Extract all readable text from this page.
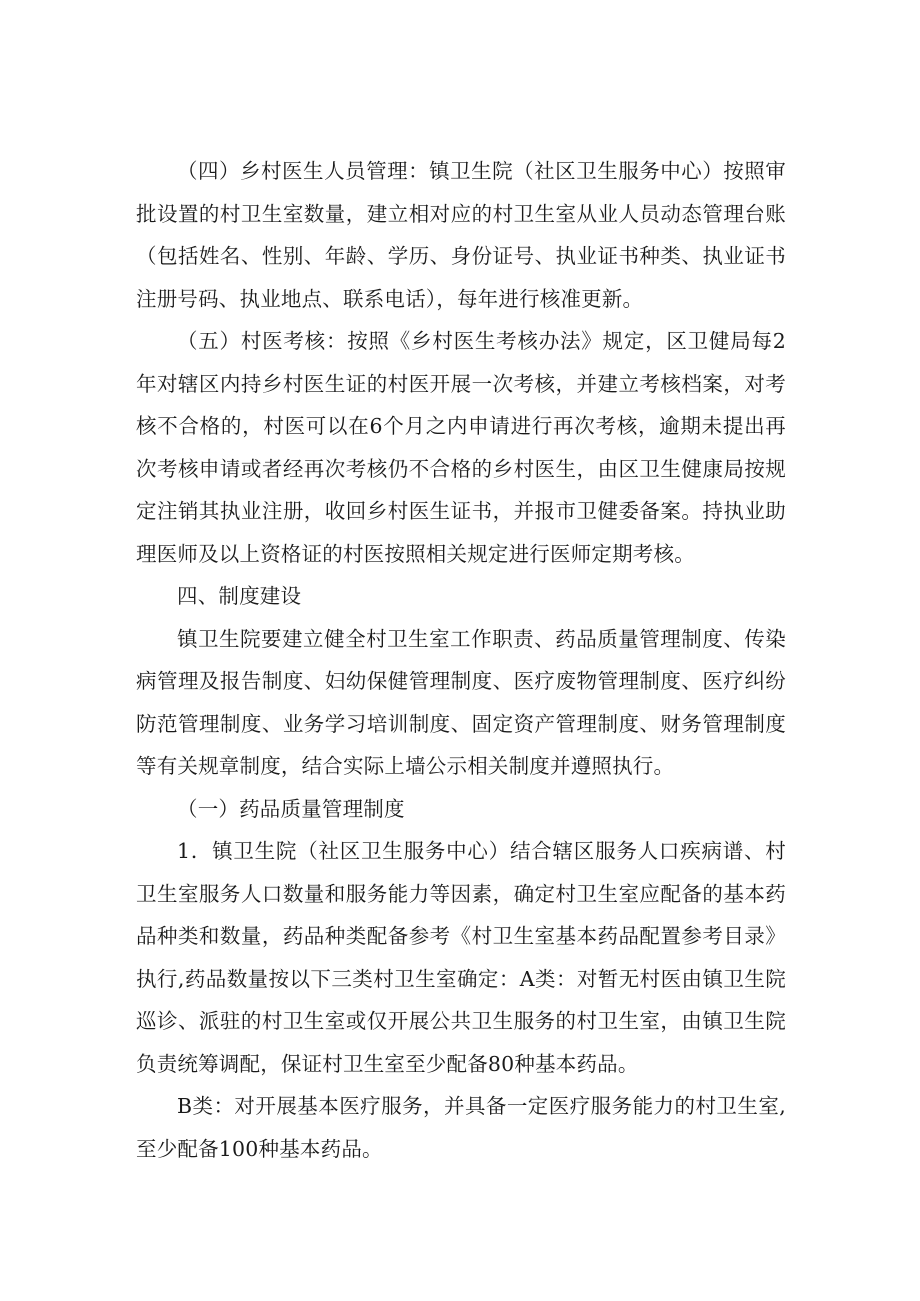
（四）乡村医生人员管理：镇卫生院（社区卫生服务中心）按照审批设置的村卫生室数量，建立相对应的村卫生室从业人员动态管理台账（包括姓名、性别、年龄、学历、身份证号、执业证书种类、执业证书注册号码、执业地点、联系电话），每年进行核准更新。

（五）村医考核：按照《乡村医生考核办法》规定，区卫健局每2年对辖区内持乡村医生证的村医开展一次考核，并建立考核档案，对考核不合格的，村医可以在6个月之内申请进行再次考核，逾期未提出再次考核申请或者经再次考核仍不合格的乡村医生，由区卫生健康局按规定注销其执业注册，收回乡村医生证书，并报市卫健委备案。持执业助理医师及以上资格证的村医按照相关规定进行医师定期考核。

四、制度建设

镇卫生院要建立健全村卫生室工作职责、药品质量管理制度、传染病管理及报告制度、妇幼保健管理制度、医疗废物管理制度、医疗纠纷防范管理制度、业务学习培训制度、固定资产管理制度、财务管理制度等有关规章制度，结合实际上墙公示相关制度并遵照执行。

（一）药品质量管理制度

1．镇卫生院（社区卫生服务中心）结合辖区服务人口疾病谱、村卫生室服务人口数量和服务能力等因素，确定村卫生室应配备的基本药品种类和数量，药品种类配备参考《村卫生室基本药品配置参考目录》执行,药品数量按以下三类村卫生室确定：A类：对暂无村医由镇卫生院巡诊、派驻的村卫生室或仅开展公共卫生服务的村卫生室，由镇卫生院负责统筹调配，保证村卫生室至少配备80种基本药品。

B类：对开展基本医疗服务，并具备一定医疗服务能力的村卫生室,至少配备100种基本药品。
